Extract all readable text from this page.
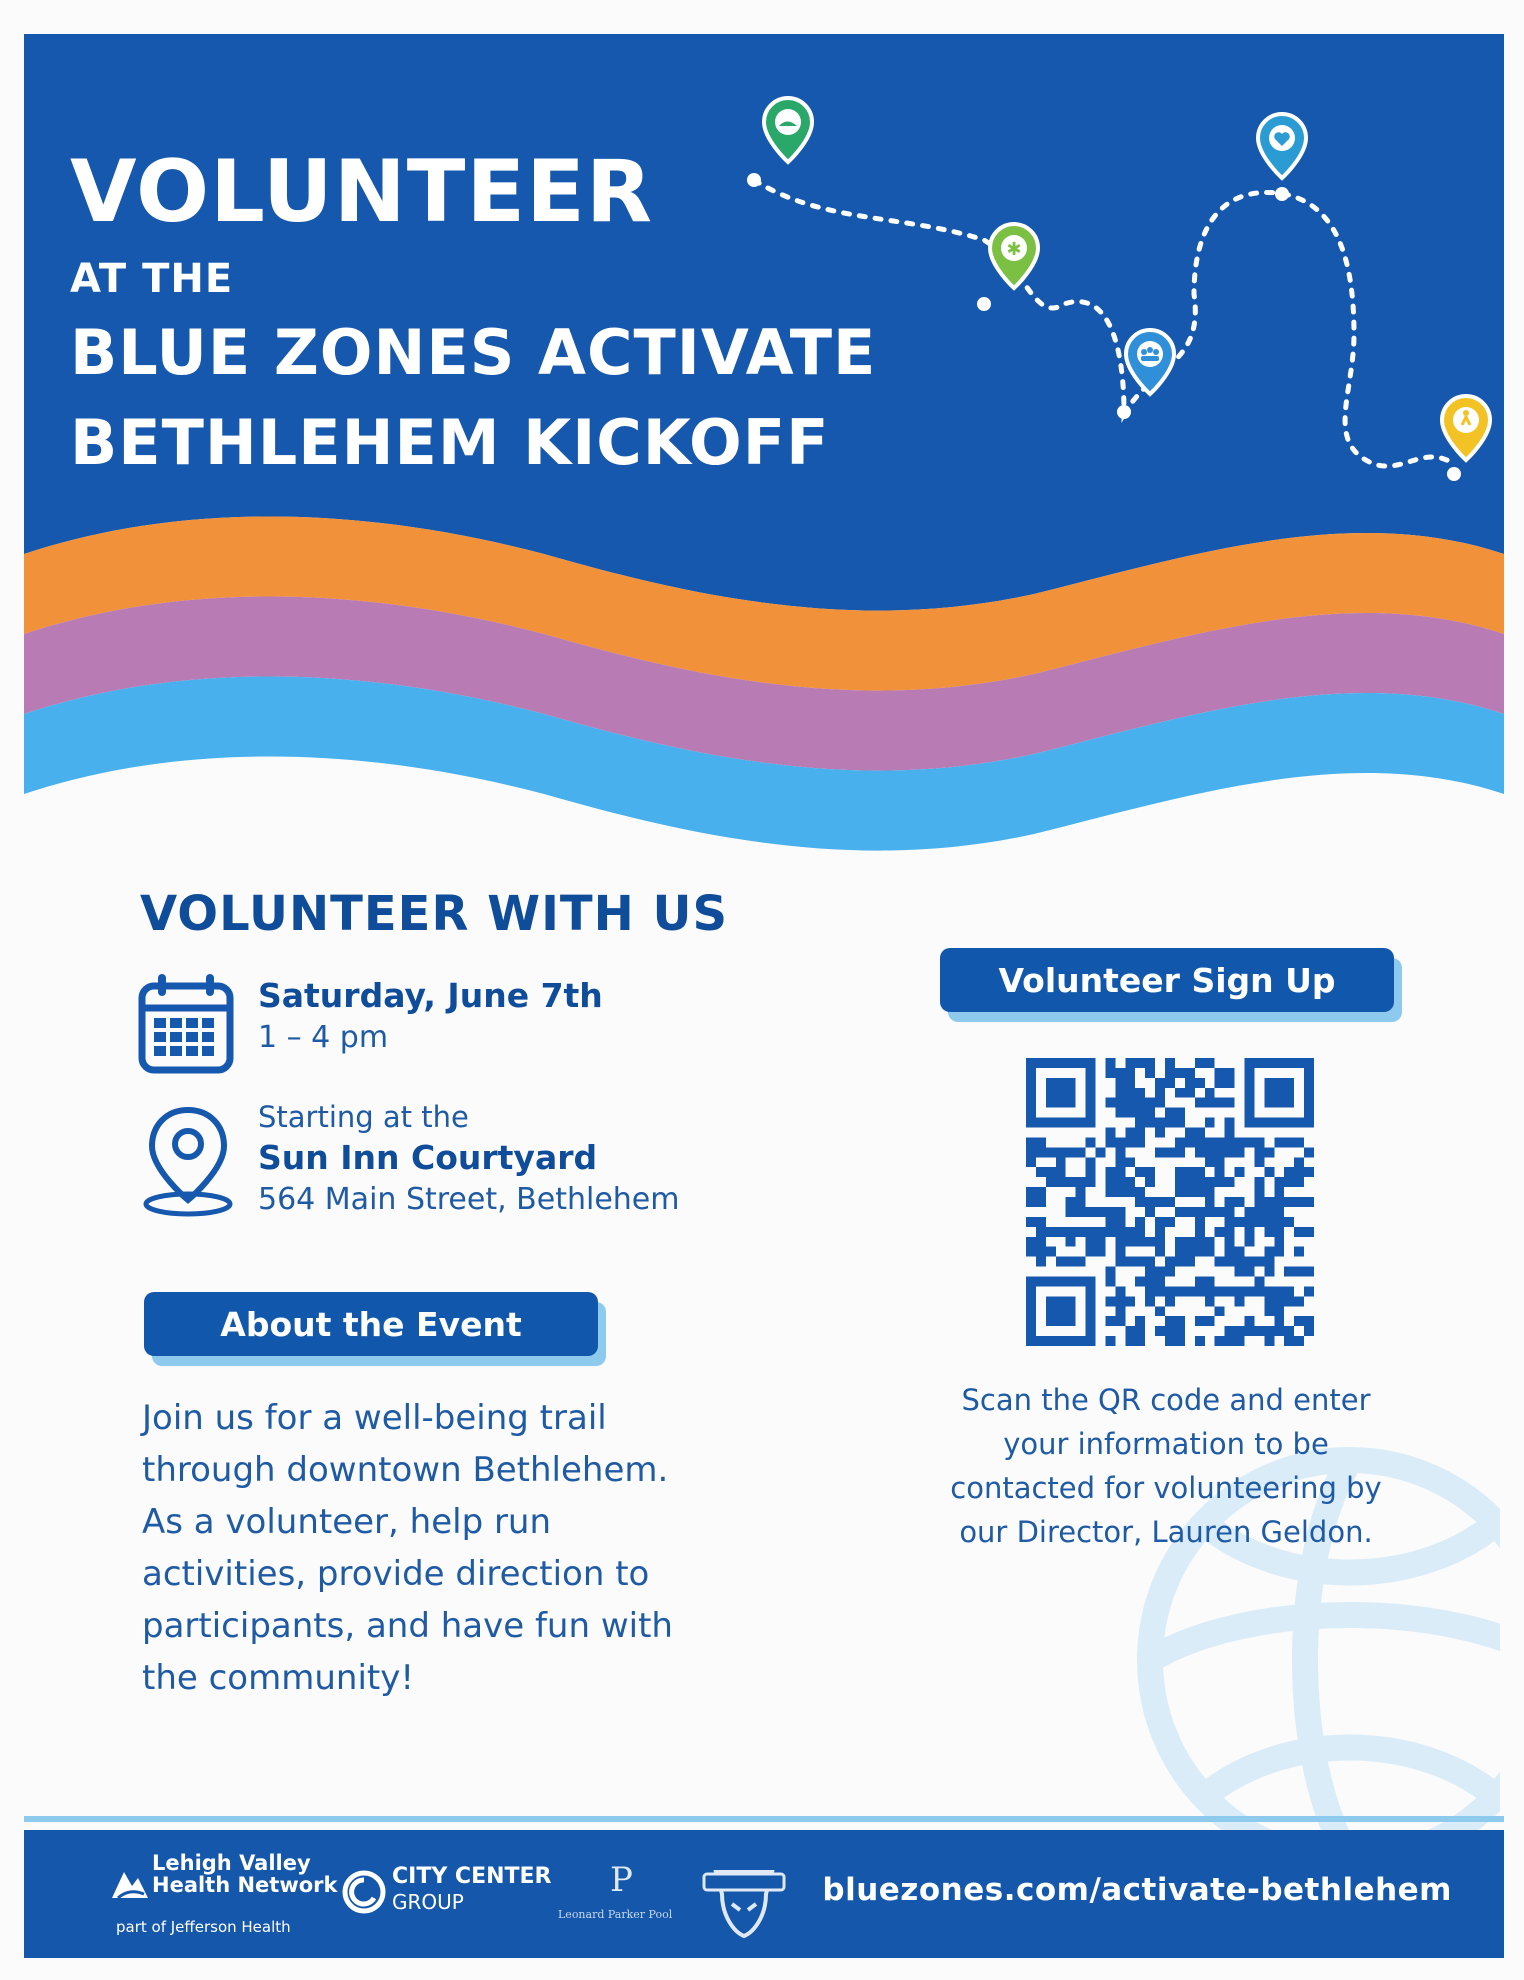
✱
VOLUNTEER
AT THE
BLUE ZONES ACTIVATE
BETHLEHEM KICKOFF
VOLUNTEER WITH US
Saturday, June 7th
1 – 4 pm
Starting at the
Sun Inn Courtyard
564 Main Street, Bethlehem
About the Event
Join us for a well-being trail
through downtown Bethlehem.
As a volunteer, help run
activities, provide direction to
participants, and have fun with
the community!
Volunteer Sign Up
Scan the QR code and enter
your information to be
contacted for volunteering by
our Director, Lauren Geldon.
Lehigh Valley
Health Network
part of Jefferson Health
CITY CENTER
GROUP
P
Leonard Parker Pool
bluezones.com/activate-bethlehem
